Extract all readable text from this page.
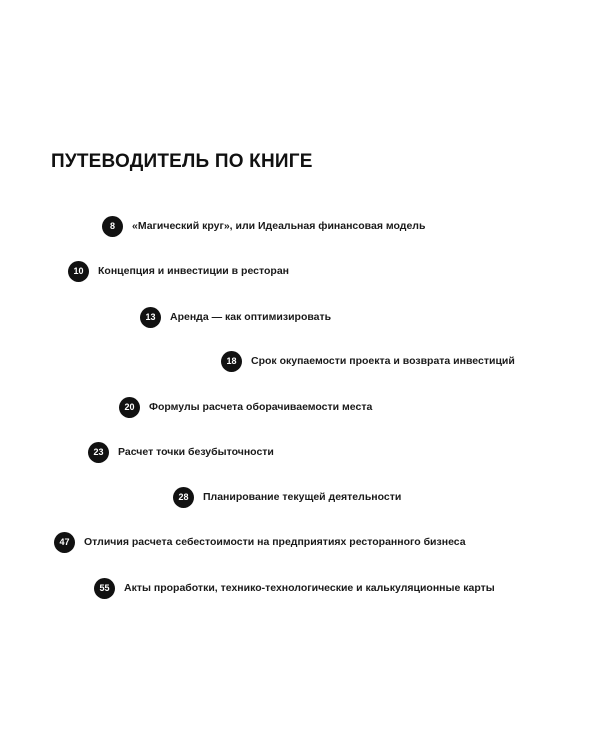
ПУТЕВОДИТЕЛЬ ПО КНИГЕ
8	«Магический круг», или Идеальная финансовая модель
10	Концепция и инвестиции в ресторан
13	Аренда — как оптимизировать
18	Срок окупаемости проекта и возврата инвестиций
20	Формулы расчета оборачиваемости места
23	Расчет точки безубыточности
28	Планирование текущей деятельности
47	Отличия расчета себестоимости на предприятиях ресторанного бизнеса
55	Акты проработки, технико-технологические и калькуляционные карты
